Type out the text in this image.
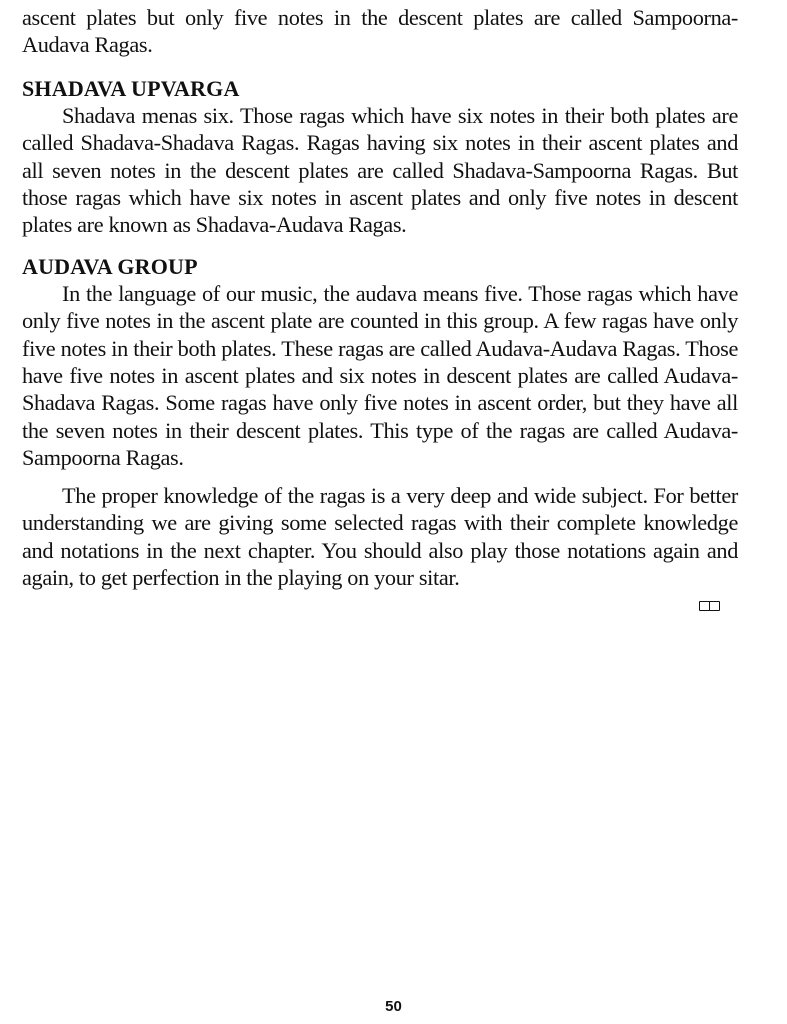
ascent plates but only five notes in the descent plates are called Sampoorna-Audava Ragas.

SHADAVA UPVARGA

Shadava menas six. Those ragas which have six notes in their both plates are called Shadava-Shadava Ragas. Ragas having six notes in their ascent plates and all seven notes in the descent plates are called Shadava-Sampoorna Ragas. But those ragas which have six notes in ascent plates and only five notes in descent plates are known as Shadava-Audava Ragas.

AUDAVA GROUP

In the language of our music, the audava means five. Those ragas which have only five notes in the ascent plate are counted in this group. A few ragas have only five notes in their both plates. These ragas are called Audava-Audava Ragas. Those have five notes in ascent plates and six notes in descent plates are called Audava-Shadava Ragas. Some ragas have only five notes in ascent order, but they have all the seven notes in their descent plates. This type of the ragas are called Audava-Sampoorna Ragas.

The proper knowledge of the ragas is a very deep and wide subject. For better understanding we are giving some selected ragas with their complete knowledge and notations in the next chapter. You should also play those notations again and again, to get perfection in the playing on your sitar.

50
